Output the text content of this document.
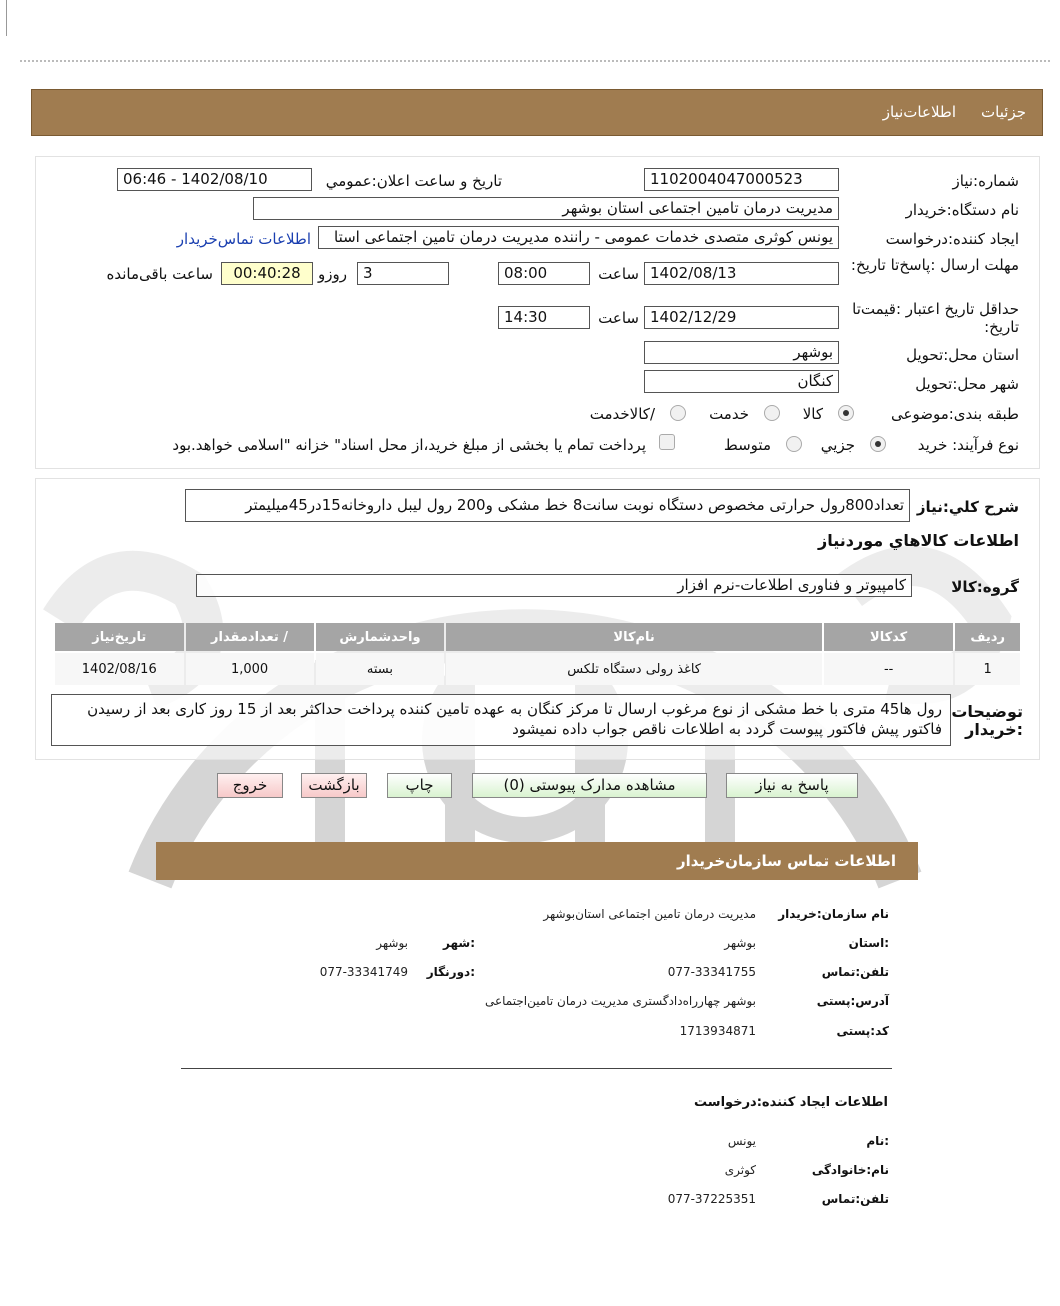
جزئیات
اطلاعات‌نیاز
شماره:نیاز
1102004047000523
تاریخ و ساعت اعلان:عمومي
1402/08/10 - 06:46
نام دستگاه:خریدار
مدیریت درمان تامین اجتماعی استان بوشهر
ایجاد کننده:درخواست
یونس کوثری متصدی خدمات عمومی - راننده مدیریت درمان تامین اجتماعی استا
اطلاعات تماس‌خریدار
مهلت ارسال :پاسخ‌تا تاریخ:
1402/08/13
ساعت
08:00
3
روزو
00:40:28
ساعت باقی‌مانده
حداقل تاریخ اعتبار :قیمت‌تا تاریخ:
1402/12/29
ساعت
14:30
استان محل:تحویل
بوشهر
شهر محل:تحویل
کنگان
طبقه بندی:موضوعی
کالا
خدمت
/کالاخدمت
نوع فرآیند: خرید
جزیي
متوسط
پرداخت تمام یا بخشی از مبلغ خرید،از محل اسناد" خزانه "اسلامی خواهد.بود
شرح کلي:نیاز
تعداد800رول حرارتی مخصوص دستگاه نوبت سانت8 خط مشکی و200 رول لیبل داروخانه15در45میلیمتر
اطلاعات کالاهاي موردنیاز
گروه:کالا
کامپیوتر و فناوری اطلاعات-نرم افزار
ردیف	کدکالا	نام‌کالا	واحدشمارش	/ تعدادمقدار	تاریخ‌نیاز
1	--	کاغذ رولی دستگاه تلکس	بسته	1,000	1402/08/16
توضیحات :خریدار
رول ها45 متری با خط مشکی از نوع مرغوب ارسال تا مرکز کنگان به عهده تامین کننده پرداخت حداکثر بعد از 15 روز کاری بعد از رسیدن فاکتور پیش فاکتور پیوست گردد به اطلاعات ناقص جواب داده نمیشود
پاسخ به نیاز
مشاهده مدارک پیوستی (0)
چاپ
بازگشت
خروج
اطلاعات تماس سازمان‌خریدار
نام سازمان:خریدار
مدیریت درمان تامین اجتماعی استان‌بوشهر
:استان
بوشهر
:شهر
بوشهر
تلفن:تماس
077-33341755
:دورنگار
077-33341749
آدرس:پستی
بوشهر چهارراه‌دادگستری مدیریت درمان تامین‌اجتماعی
کد:پستی
1713934871
اطلاعات ایجاد کننده:درخواست
:نام
یونس
نام:خانوادگی
کوثری
تلفن:تماس
077-37225351
